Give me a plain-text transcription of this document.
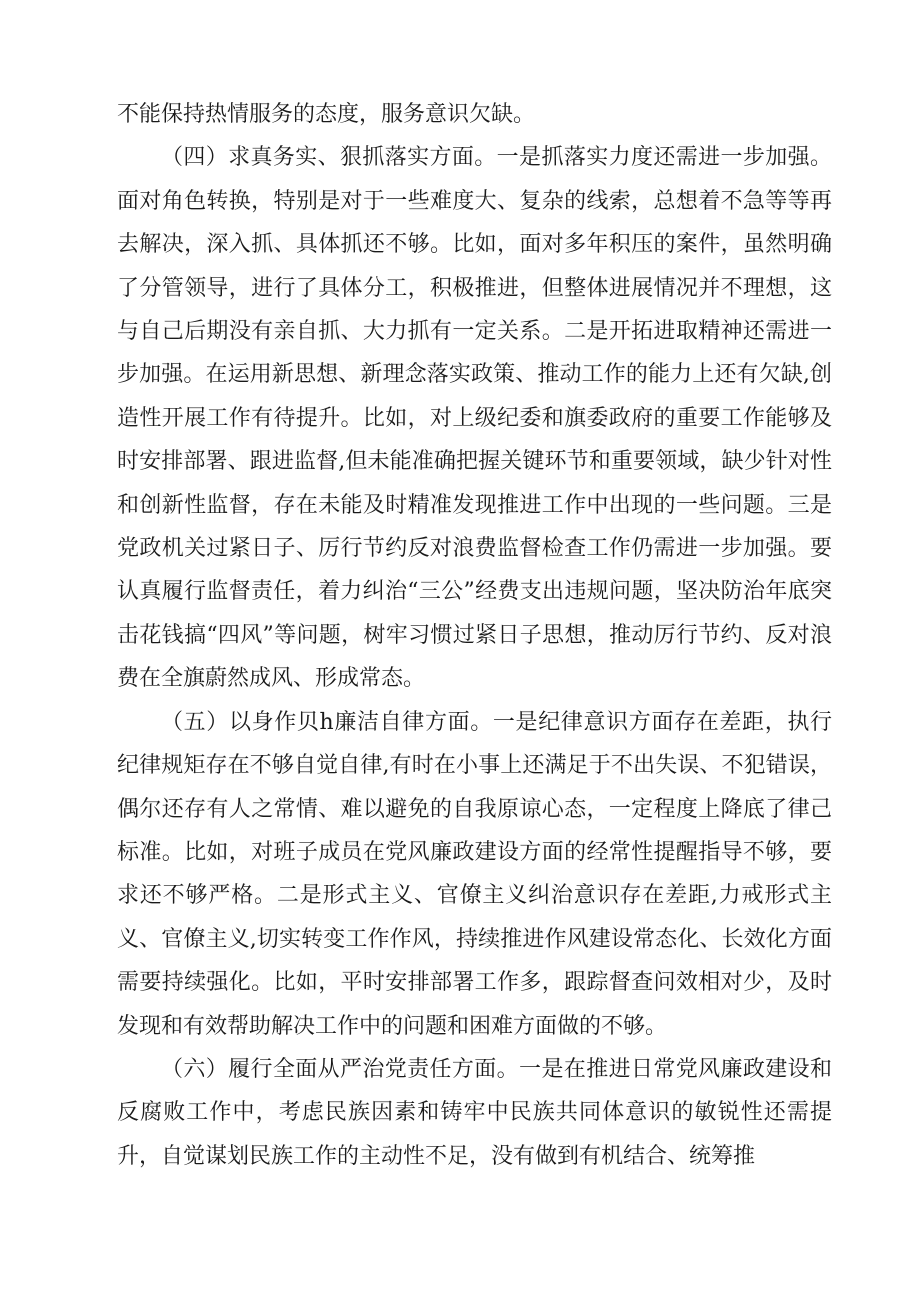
不能保持热情服务的态度，服务意识欠缺。

（四）求真务实、狠抓落实方面。一是抓落实力度还需进一步加强。面对角色转换，特别是对于一些难度大、复杂的线索，总想着不急等等再去解决，深入抓、具体抓还不够。比如，面对多年积压的案件，虽然明确了分管领导，进行了具体分工，积极推进，但整体进展情况并不理想，这与自己后期没有亲自抓、大力抓有一定关系。二是开拓进取精神还需进一步加强。在运用新思想、新理念落实政策、推动工作的能力上还有欠缺,创造性开展工作有待提升。比如，对上级纪委和旗委政府的重要工作能够及时安排部署、跟进监督,但未能准确把握关键环节和重要领域，缺少针对性和创新性监督，存在未能及时精准发现推进工作中出现的一些问题。三是党政机关过紧日子、厉行节约反对浪费监督检查工作仍需进一步加强。要认真履行监督责任，着力纠治“三公”经费支出违规问题，坚决防治年底突击花钱搞“四风”等问题，树牢习惯过紧日子思想，推动厉行节约、反对浪费在全旗蔚然成风、形成常态。

（五）以身作贝h廉洁自律方面。一是纪律意识方面存在差距，执行纪律规矩存在不够自觉自律,有时在小事上还满足于不出失误、不犯错误，偶尔还存有人之常情、难以避免的自我原谅心态，一定程度上降底了律己标准。比如，对班子成员在党风廉政建设方面的经常性提醒指导不够，要求还不够严格。二是形式主义、官僚主义纠治意识存在差距,力戒形式主义、官僚主义,切实转变工作作风，持续推进作风建设常态化、长效化方面需要持续强化。比如，平时安排部署工作多，跟踪督查问效相对少，及时发现和有效帮助解决工作中的问题和困难方面做的不够。

（六）履行全面从严治党责任方面。一是在推进日常党风廉政建设和反腐败工作中，考虑民族因素和铸牢中民族共同体意识的敏锐性还需提升，自觉谋划民族工作的主动性不足，没有做到有机结合、统筹推
